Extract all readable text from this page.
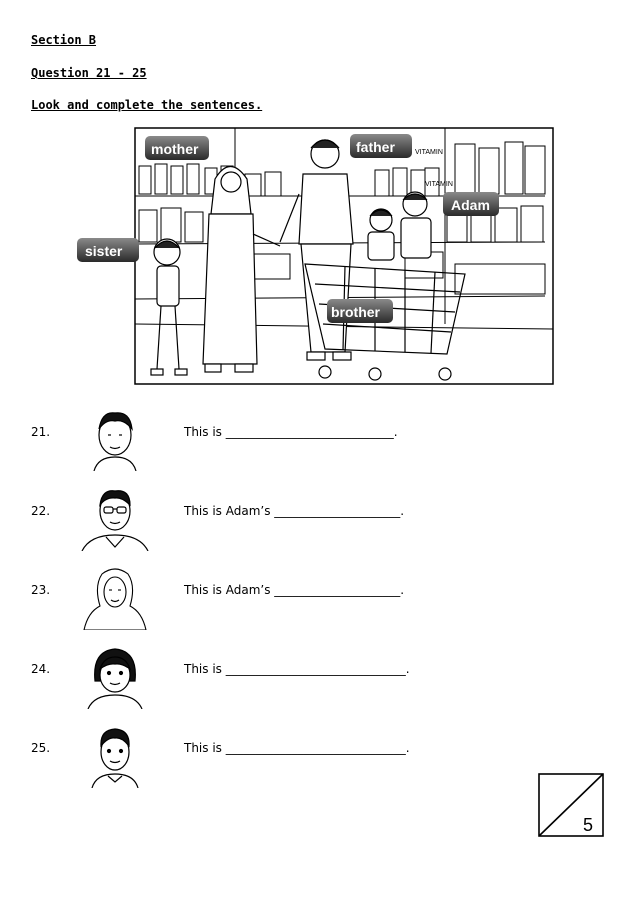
Section B
Question 21 - 25
Look and complete the sentences.
VITAMIN
VITAMIN
mother	father
sister
Adam
brother
21.	This is ____________________________.
22.	This is Adam’s _____________________.
23.	This is Adam’s _____________________.
24.	This is ______________________________.
25.	This is ______________________________.
5
